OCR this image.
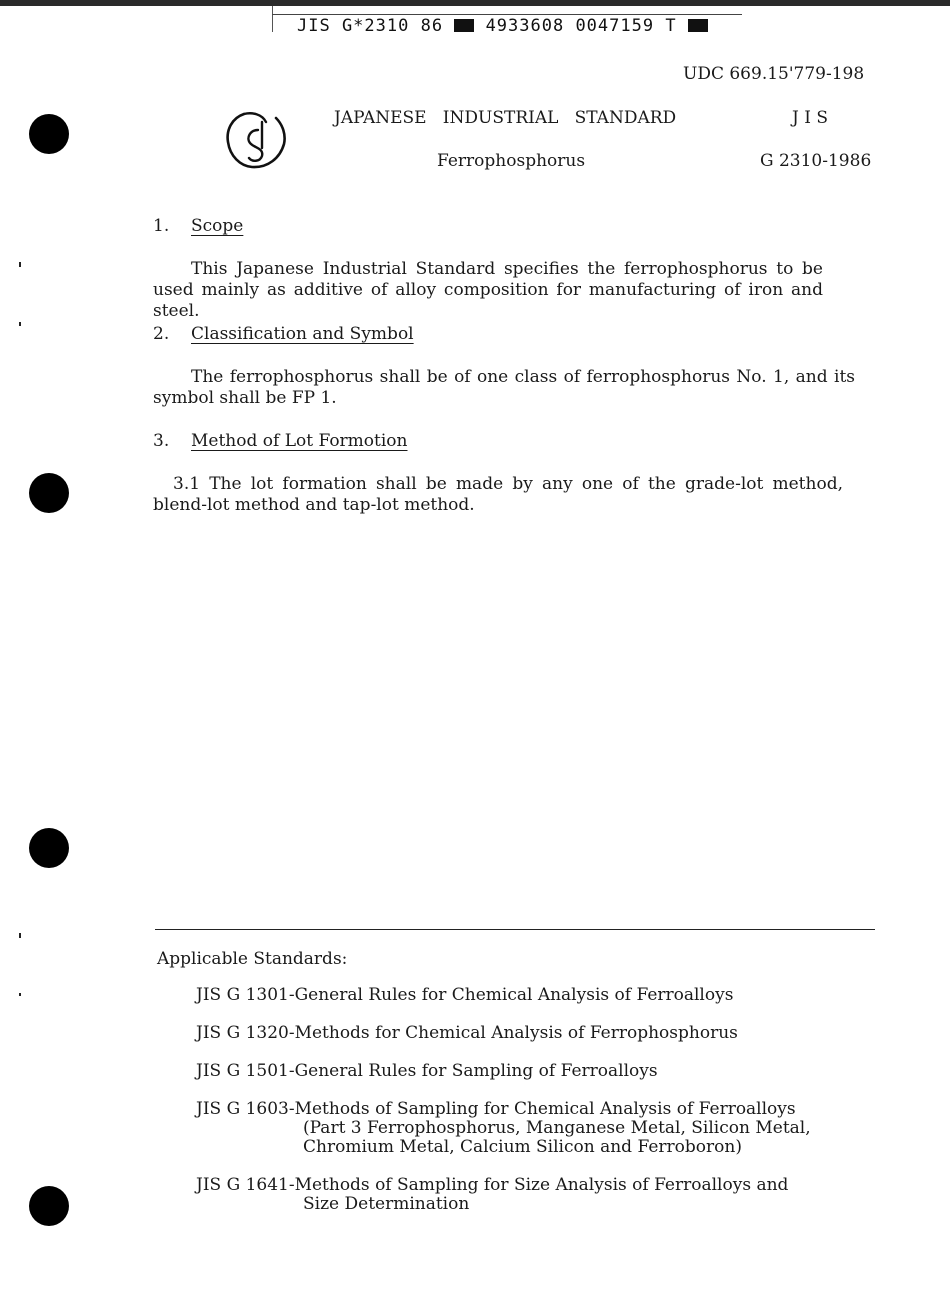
JIS G*2310 86	4933608 0047159 T
UDC 669.15'779-198
JAPANESE   INDUSTRIAL   STANDARD	J I S
Ferrophosphorus	G 2310-1986
1. Scope
This Japanese Industrial Standard specifies the ferrophosphorus to be used mainly as additive of alloy composition for manufacturing of iron and steel.
2. Classification and Symbol
The ferrophosphorus shall be of one class of ferrophosphorus No. 1, and its symbol shall be FP 1.
3. Method of Lot Formotion
3.1 The lot formation shall be made by any one of the grade-lot method, blend-lot method and tap-lot method.
Applicable Standards:
JIS G 1301-General Rules for Chemical Analysis of Ferroalloys
JIS G 1320-Methods for Chemical Analysis of Ferrophosphorus
JIS G 1501-General Rules for Sampling of Ferroalloys
JIS G 1603-Methods of Sampling for Chemical Analysis of Ferroalloys
(Part 3 Ferrophosphorus, Manganese Metal, Silicon Metal,
Chromium Metal, Calcium Silicon and Ferroboron)
JIS G 1641-Methods of Sampling for Size Analysis of Ferroalloys and
Size Determination
